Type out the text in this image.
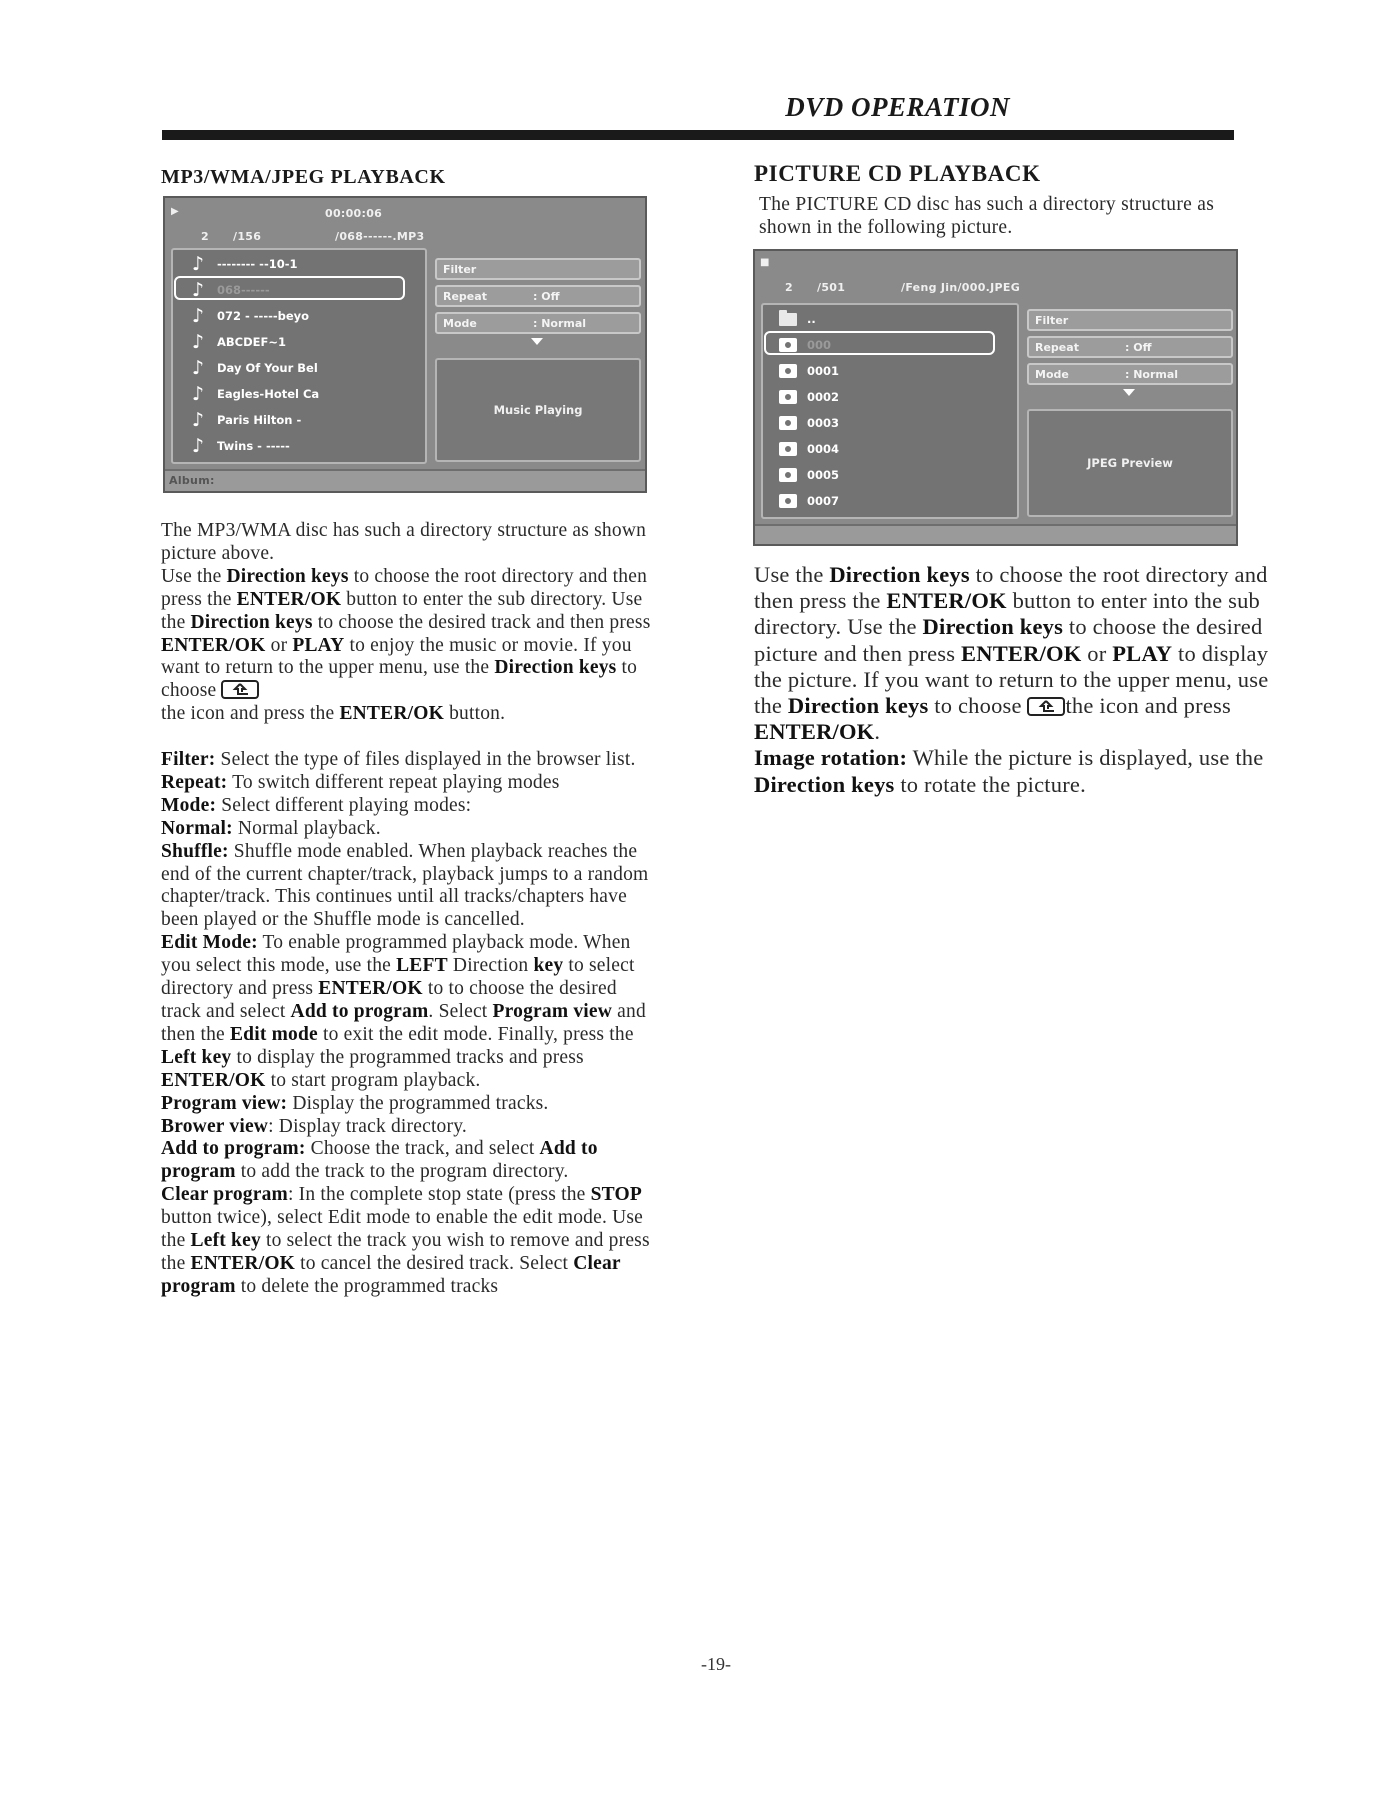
DVD OPERATION
MP3/WMA/JPEG PLAYBACK
▶	00:00:06
2 /156	/068------.MP3
♪	-------- --10-1
♪	068------
♪	072 - -----beyo
♪	ABCDEF~1
♪	Day Of Your Bel
♪	Eagles-Hotel Ca
♪	Paris Hilton -
♪	Twins - -----
Filter
Repeat	: Off
Mode	: Normal
Music Playing
Album:

The MP3/WMA disc has such a directory structure as shown picture above.
Use the Direction keys to choose the root directory and then press the ENTER/OK button to enter the sub directory. Use the Direction keys to choose the desired track and then press ENTER/OK or PLAY to enjoy the music or movie. If you want to return to the upper menu, use the Direction keys to choose

the icon and press the ENTER/OK button.

Filter: Select the type of files displayed in the browser list.
Repeat: To switch different repeat playing modes
Mode: Select different playing modes:
Normal: Normal playback.
Shuffle: Shuffle mode enabled. When playback reaches the end of the current chapter/track, playback jumps to a random chapter/track. This continues until all tracks/chapters have been played or the Shuffle mode is cancelled.
Edit Mode: To enable programmed playback mode. When you select this mode, use the LEFT Direction key to select directory and press ENTER/OK to to choose the desired track and select Add to program. Select Program view and then the Edit mode to exit the edit mode. Finally, press the Left key to display the programmed tracks and press ENTER/OK to start program playback.
Program view: Display the programmed tracks.
Brower view: Display track directory.
Add to program: Choose the track, and select Add to program to add the track to the program directory.
Clear program: In the complete stop state (press the STOP button twice), select Edit mode to enable the edit mode. Use the Left key to select the track you wish to remove and press the ENTER/OK to cancel the desired track. Select Clear program to delete the programmed tracks

PICTURE CD PLAYBACK
The PICTURE CD disc has such a directory structure as shown in the following picture.
■
2 /501	/Feng Jin/000.JPEG
..
000
0001
0002
0003
0004
0005
0007
Filter
Repeat	: Off
Mode	: Normal
JPEG Preview

Use the Direction keys to choose the root directory and then press the ENTER/OK button to enter into the sub directory. Use the Direction keys to choose the desired picture and then press ENTER/OK or PLAY to display the picture. If you want to return to the upper menu, use the Direction keys to choose the icon and press ENTER/OK.
Image rotation: While the picture is displayed, use the Direction keys to rotate the picture.

-19-
